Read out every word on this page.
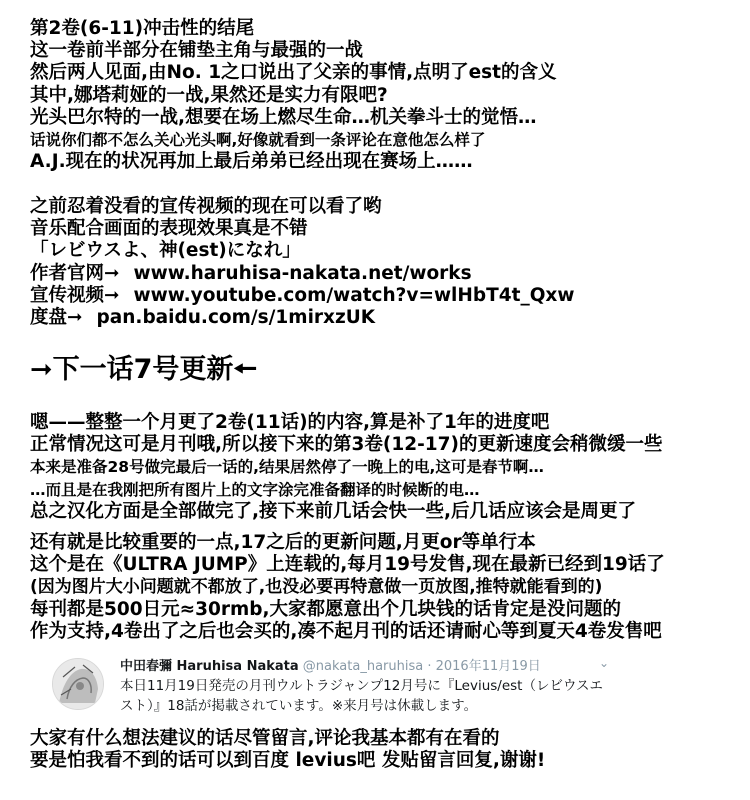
第2卷(6-11)冲击性的结尾
这一卷前半部分在铺垫主角与最强的一战
然后两人见面,由No. 1之口说出了父亲的事情,点明了est的含义
其中,娜塔莉娅的一战,果然还是实力有限吧?
光头巴尔特的一战,想要在场上燃尽生命…机关拳斗士的觉悟…
话说你们都不怎么关心光头啊,好像就看到一条评论在意他怎么样了
A.J.现在的状况再加上最后弟弟已经出现在赛场上……
之前忍着没看的宣传视频的现在可以看了哟
音乐配合画面的表现效果真是不错
「レビウスよ、神(est)になれ」
作者官网➞ www.haruhisa-nakata.net/works
宣传视频➞ www.youtube.com/watch?v=wlHbT4t_Qxw
度盘➞ pan.baidu.com/s/1mirxzUK
➞下一话7号更新🠔
嗯——整整一个月更了2卷(11话)的内容,算是补了1年的进度吧
正常情况这可是月刊哦,所以接下来的第3卷(12-17)的更新速度会稍微缓一些
本来是准备28号做完最后一话的,结果居然停了一晚上的电,这可是春节啊…
…而且是在我刚把所有图片上的文字涂完准备翻译的时候断的电…
总之汉化方面是全部做完了,接下来前几话会快一些,后几话应该会是周更了
还有就是比较重要的一点,17之后的更新问题,月更or等单行本
这个是在《ULTRA JUMP》上连载的,每月19号发售,现在最新已经到19话了
(因为图片大小问题就不都放了,也没必要再特意做一页放图,推特就能看到的)
每刊都是500日元≈30rmb,大家都愿意出个几块钱的话肯定是没问题的
作为支持,4卷出了之后也会买的,凑不起月刊的话还请耐心等到夏天4卷发售吧
中田春彌 Haruhisa Nakata @nakata_haruhisa · 2016年11月19日	⌄
本日11月19日発売の月刊ウルトラジャンプ12月号に『Levius/est（レビウスエスト）』18話が掲載されています。※来月号は休載します。
大家有什么想法建议的话尽管留言,评论我基本都有在看的
要是怕我看不到的话可以到百度 levius吧 发贴留言回复,谢谢!
